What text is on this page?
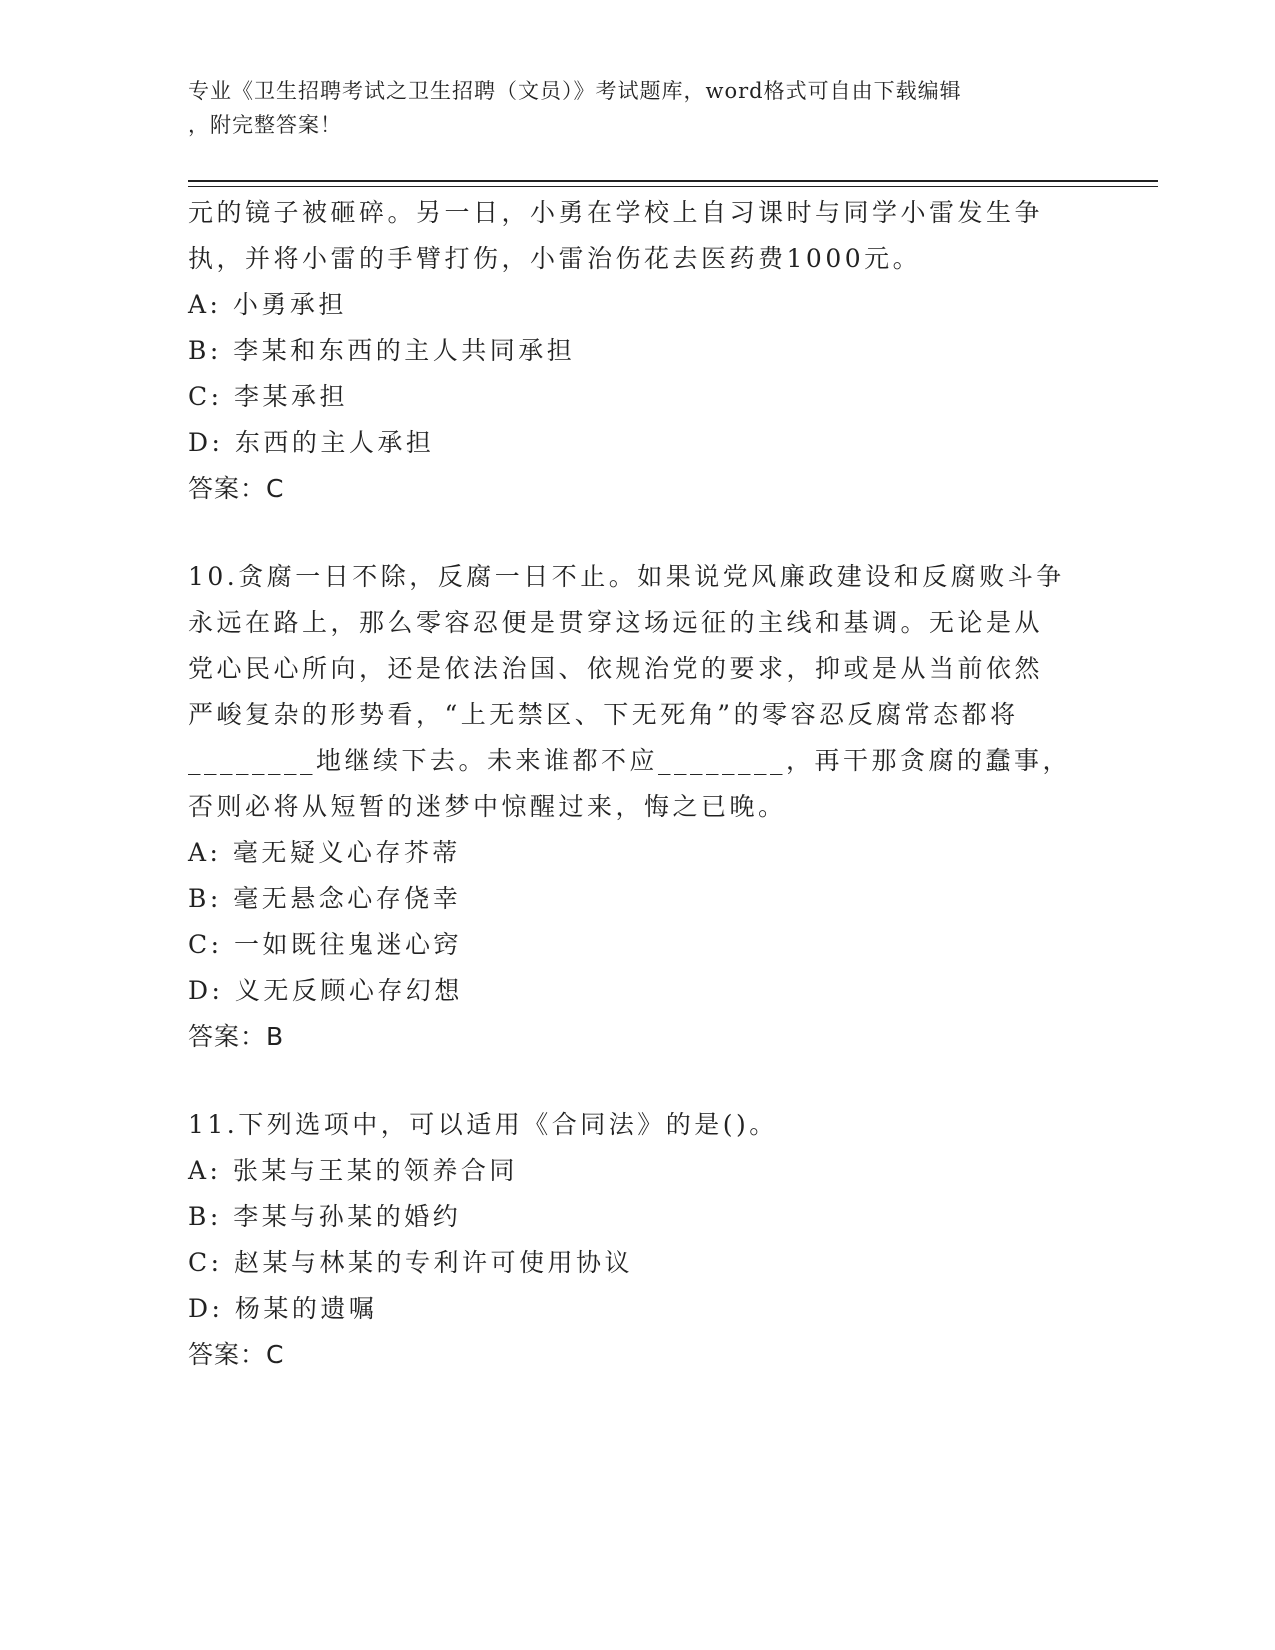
专业《卫生招聘考试之卫生招聘（文员）》考试题库，word格式可自由下载编辑
，附完整答案！
元的镜子被砸碎。另一日，小勇在学校上自习课时与同学小雷发生争
执，并将小雷的手臂打伤，小雷治伤花去医药费1000元。
A: 小勇承担
B: 李某和东西的主人共同承担
C: 李某承担
D: 东西的主人承担
答案：C
10.贪腐一日不除，反腐一日不止。如果说党风廉政建设和反腐败斗争
永远在路上，那么零容忍便是贯穿这场远征的主线和基调。无论是从
党心民心所向，还是依法治国、依规治党的要求，抑或是从当前依然
严峻复杂的形势看，“上无禁区、下无死角”的零容忍反腐常态都将
________地继续下去。未来谁都不应________，再干那贪腐的蠢事，
否则必将从短暂的迷梦中惊醒过来，悔之已晚。
A: 毫无疑义心存芥蒂
B: 毫无悬念心存侥幸
C: 一如既往鬼迷心窍
D: 义无反顾心存幻想
答案：B
11.下列选项中，可以适用《合同法》的是()。
A: 张某与王某的领养合同
B: 李某与孙某的婚约
C: 赵某与林某的专利许可使用协议
D: 杨某的遗嘱
答案：C
